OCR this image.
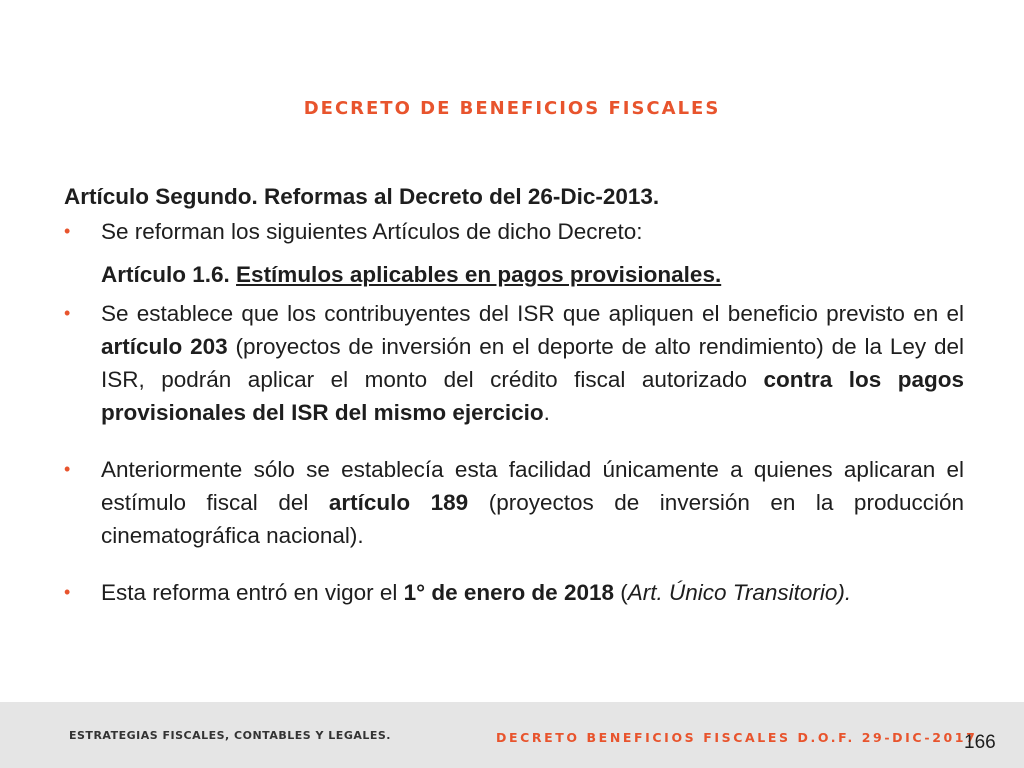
DECRETO DE BENEFICIOS FISCALES
Artículo Segundo. Reformas al Decreto del 26-Dic-2013.
• Se reforman los siguientes Artículos de dicho Decreto:
Artículo 1.6. Estímulos aplicables en pagos provisionales.
• Se establece que los contribuyentes del ISR que apliquen el beneficio previsto en el artículo 203 (proyectos de inversión en el deporte de alto rendimiento) de la Ley del ISR, podrán aplicar el monto del crédito fiscal autorizado contra los pagos provisionales del ISR del mismo ejercicio.
• Anteriormente sólo se establecía esta facilidad únicamente a quienes aplicaran el estímulo fiscal del artículo 189 (proyectos de inversión en la producción cinematográfica nacional).
• Esta reforma entró en vigor el 1° de enero de 2018 (Art. Único Transitorio).
ESTRATEGIAS FISCALES, CONTABLES Y LEGALES.	DECRETO BENEFICIOS FISCALES D.O.F. 29-DIC-2017
166
